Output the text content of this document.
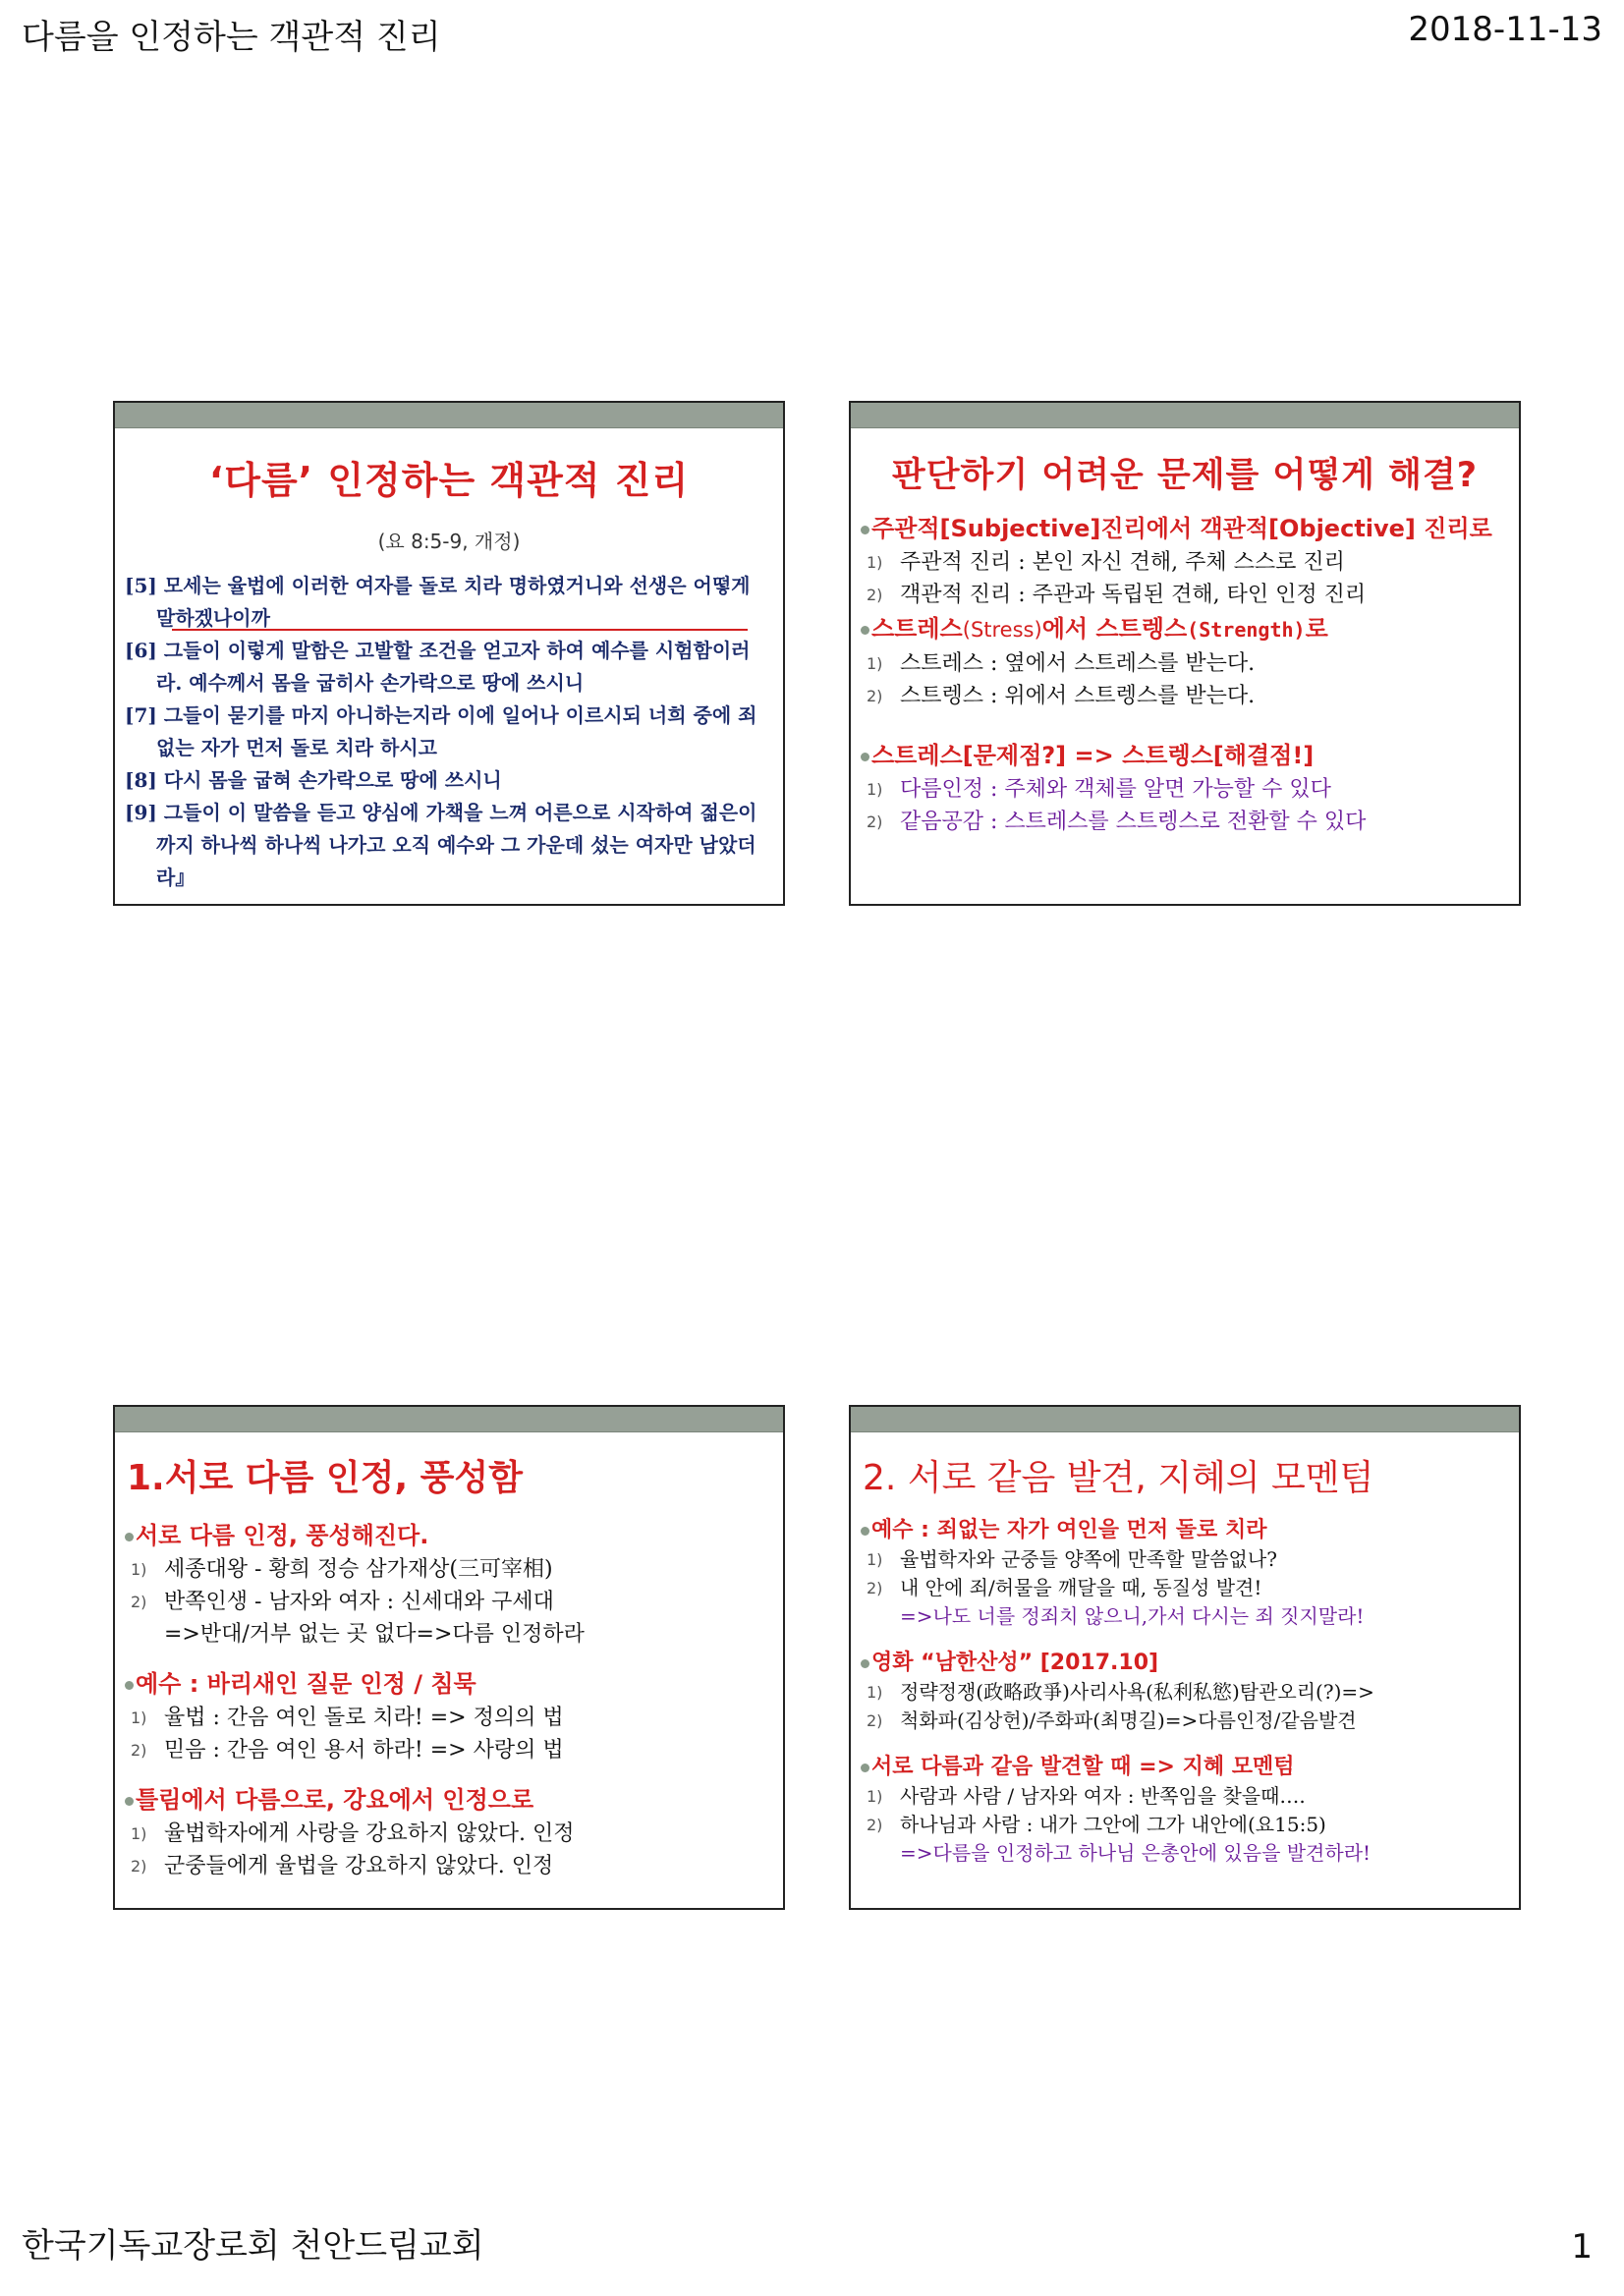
다름을 인정하는 객관적 진리	2018-11-13
‘다름’ 인정하는 객관적 진리
(요 8:5-9, 개정)
[5] 모세는 율법에 이러한 여자를 돌로 치라 명하였거니와 선생은 어떻게 말하겠나이까
[6] 그들이 이렇게 말함은 고발할 조건을 얻고자 하여 예수를 시험함이러라. 예수께서 몸을 굽히사 손가락으로 땅에 쓰시니
[7] 그들이 묻기를 마지 아니하는지라 이에 일어나 이르시되 너희 중에 죄 없는 자가 먼저 돌로 치라 하시고
[8] 다시 몸을 굽혀 손가락으로 땅에 쓰시니
[9] 그들이 이 말씀을 듣고 양심에 가책을 느껴 어른으로 시작하여 젊은이까지 하나씩 하나씩 나가고 오직 예수와 그 가운데 섰는 여자만 남았더라』
판단하기 어려운 문제를 어떻게 해결?
주관적[Subjective]진리에서 객관적[Objective] 진리로
1) 주관적 진리 : 본인 자신 견해, 주체 스스로 진리
2) 객관적 진리 : 주관과 독립된 견해, 타인 인정 진리
스트레스(Stress)에서 스트렝스(Strength)로
1) 스트레스 : 옆에서 스트레스를 받는다.
2) 스트렝스 : 위에서 스트렝스를 받는다.
스트레스[문제점?] => 스트렝스[해결점!]
1) 다름인정 : 주체와 객체를 알면 가능할 수 있다
2) 같음공감 : 스트레스를 스트렝스로 전환할 수 있다
1.서로 다름 인정, 풍성함
서로 다름 인정, 풍성해진다.
1) 세종대왕 - 황희 정승 삼가재상(三可宰相)
2) 반쪽인생 - 남자와 여자 : 신세대와 구세대
=>반대/거부 없는 곳 없다=>다름 인정하라
예수 : 바리새인 질문 인정 / 침묵
1) 율법 : 간음 여인 돌로 치라! => 정의의 법
2) 믿음 : 간음 여인 용서 하라! => 사랑의 법
틀림에서 다름으로, 강요에서 인정으로
1) 율법학자에게 사랑을 강요하지 않았다. 인정
2) 군중들에게 율법을 강요하지 않았다. 인정
2. 서로 같음 발견, 지혜의 모멘텀
예수 : 죄없는 자가 여인을 먼저 돌로 치라
1) 율법학자와 군중들 양쪽에 만족할 말씀없나?
2) 내 안에 죄/허물을 깨달을 때, 동질성 발견!
=>나도 너를 정죄치 않으니,가서 다시는 죄 짓지말라!
영화 “남한산성” [2017.10]
1) 정략정쟁(政略政爭)사리사욕(私利私慾)탐관오리(?)=>
2) 척화파(김상헌)/주화파(최명길)=>다름인정/같음발견
서로 다름과 같음 발견할 때 => 지혜 모멘텀
1) 사람과 사람 / 남자와 여자 : 반쪽임을 찾을때….
2) 하나님과 사람 : 내가 그안에 그가 내안에(요15:5)
=>다름을 인정하고 하나님 은총안에 있음을 발견하라!
한국기독교장로회 천안드림교회	1
